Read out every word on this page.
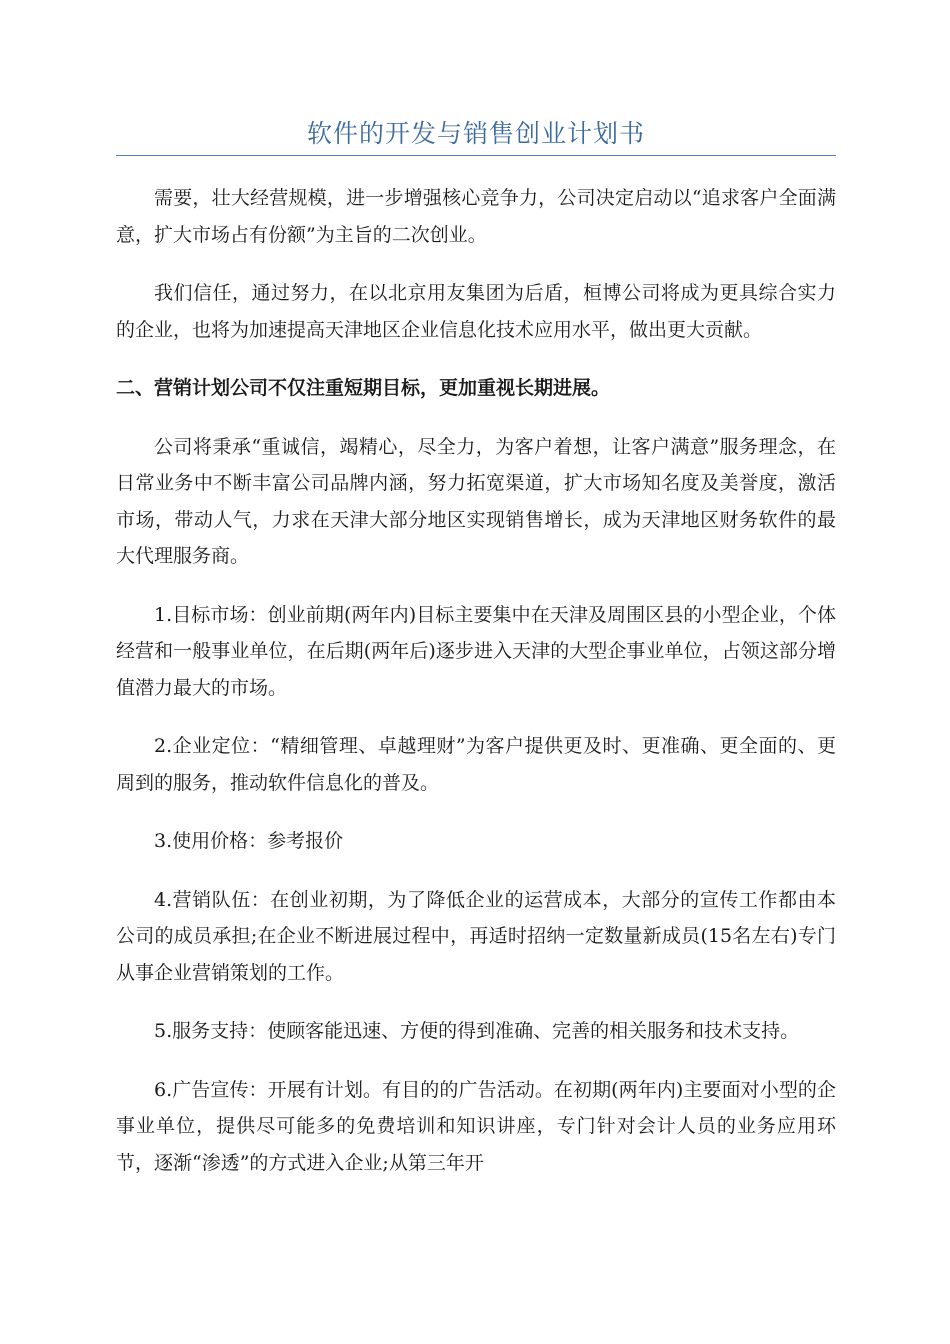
软件的开发与销售创业计划书

需要，壮大经营规模，进一步增强核心竞争力，公司决定启动以“追求客户全面满意，扩大市场占有份额”为主旨的二次创业。

我们信任，通过努力，在以北京用友集团为后盾，桓博公司将成为更具综合实力的企业，也将为加速提高天津地区企业信息化技术应用水平，做出更大贡献。

二、营销计划公司不仅注重短期目标，更加重视长期进展。

公司将秉承“重诚信，竭精心，尽全力，为客户着想，让客户满意”服务理念，在日常业务中不断丰富公司品牌内涵，努力拓宽渠道，扩大市场知名度及美誉度，激活市场，带动人气，力求在天津大部分地区实现销售增长，成为天津地区财务软件的最大代理服务商。

1.目标市场：创业前期(两年内)目标主要集中在天津及周围区县的小型企业，个体经营和一般事业单位，在后期(两年后)逐步进入天津的大型企事业单位，占领这部分增值潜力最大的市场。

2.企业定位：“精细管理、卓越理财”为客户提供更及时、更准确、更全面的、更周到的服务，推动软件信息化的普及。

3.使用价格：参考报价

4.营销队伍：在创业初期，为了降低企业的运营成本，大部分的宣传工作都由本公司的成员承担;在企业不断进展过程中，再适时招纳一定数量新成员(15名左右)专门从事企业营销策划的工作。

5.服务支持：使顾客能迅速、方便的得到准确、完善的相关服务和技术支持。

6.广告宣传：开展有计划。有目的的广告活动。在初期(两年内)主要面对小型的企事业单位，提供尽可能多的免费培训和知识讲座，专门针对会计人员的业务应用环节，逐渐“渗透”的方式进入企业;从第三年开
